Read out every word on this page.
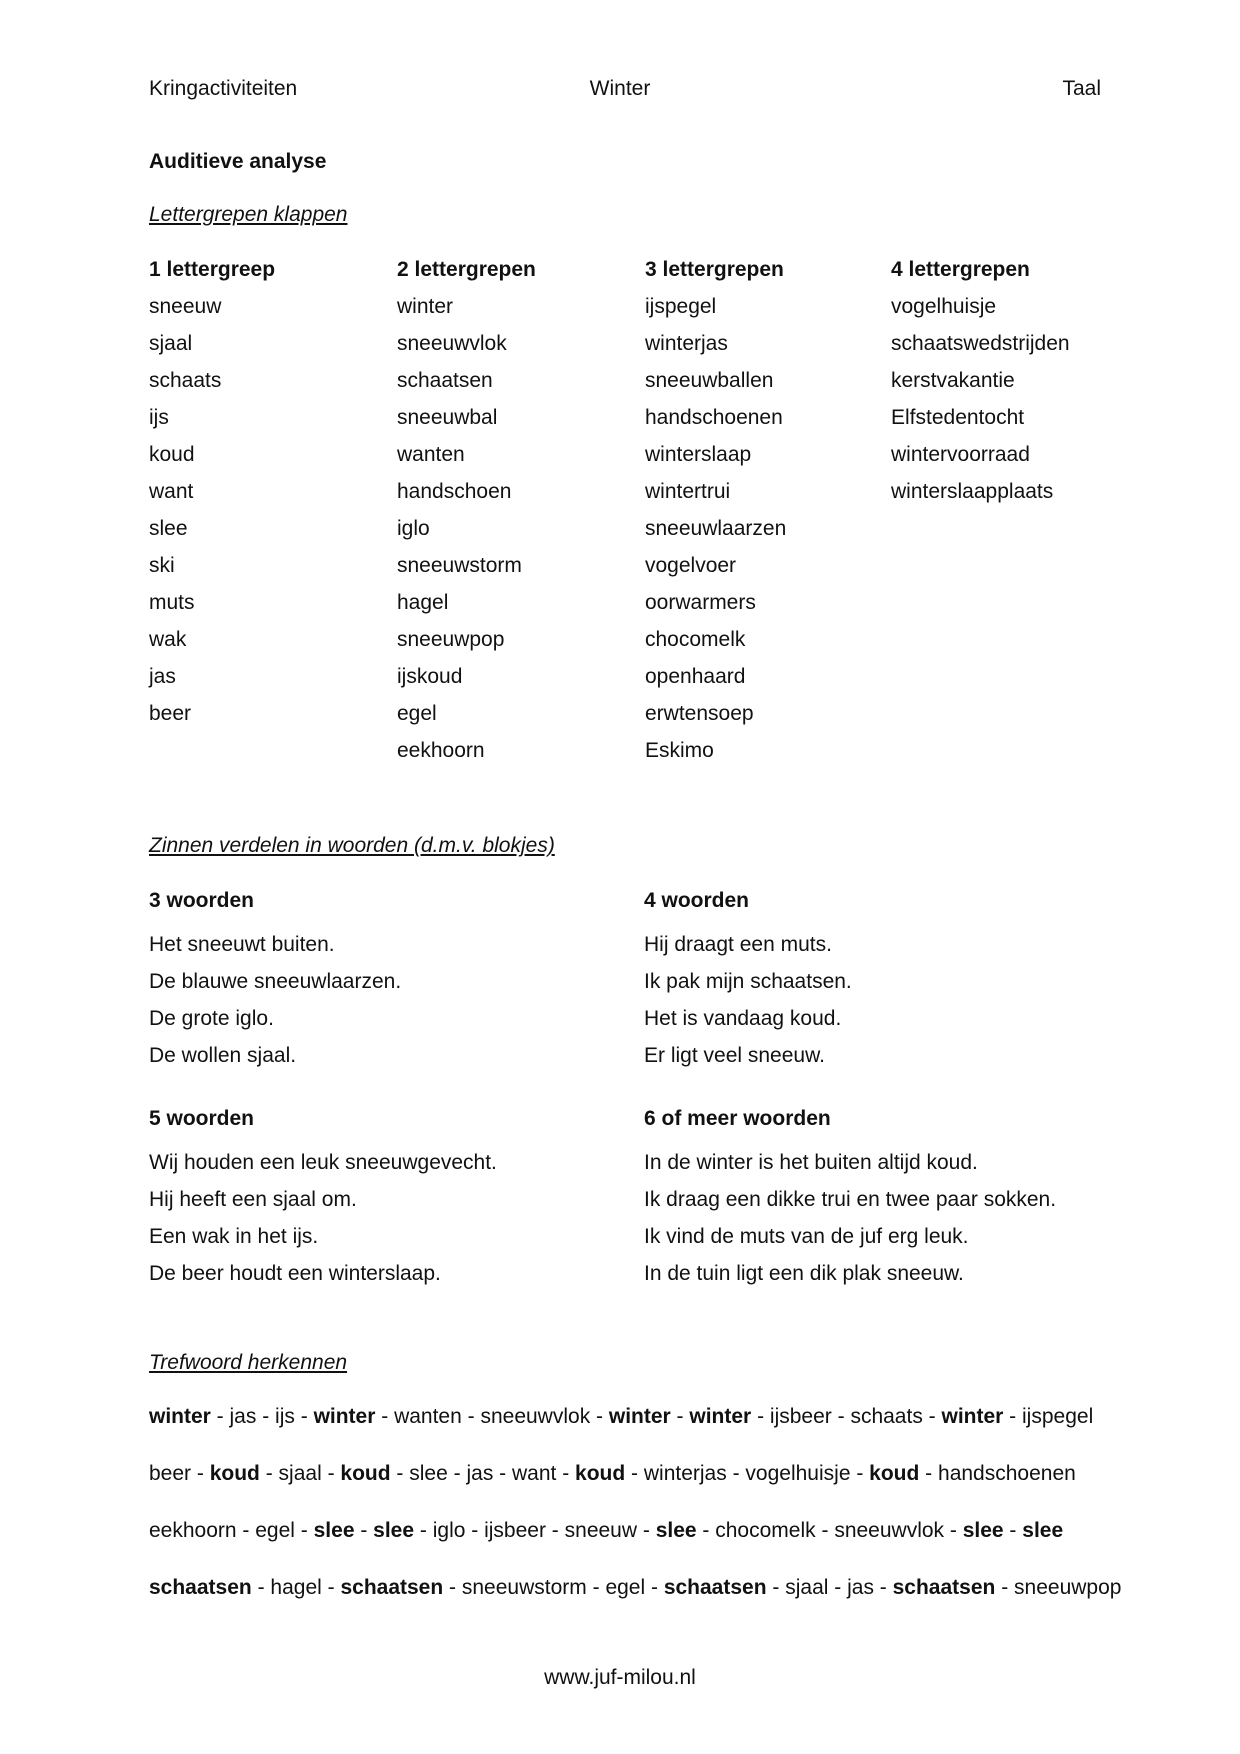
Kringactiviteiten	Winter	Taal
Auditieve analyse
Lettergrepen klappen
1 lettergreep
sneeuw
sjaal
schaats
ijs
koud
want
slee
ski
muts
wak
jas
beer
2 lettergrepen
winter
sneeuwvlok
schaatsen
sneeuwbal
wanten
handschoen
iglo
sneeuwstorm
hagel
sneeuwpop
ijskoud
egel
eekhoorn
3 lettergrepen
ijspegel
winterjas
sneeuwballen
handschoenen
winterslaap
wintertrui
sneeuwlaarzen
vogelvoer
oorwarmers
chocomelk
openhaard
erwtensoep
Eskimo
4 lettergrepen
vogelhuisje
schaatswedstrijden
kerstvakantie
Elfstedentocht
wintervoorraad
winterslaapplaats
Zinnen verdelen in woorden (d.m.v. blokjes)
3 woorden
Het sneeuwt buiten.
De blauwe sneeuwlaarzen.
De grote iglo.
De wollen sjaal.
4 woorden
Hij draagt een muts.
Ik pak mijn schaatsen.
Het is vandaag koud.
Er ligt veel sneeuw.
5 woorden
Wij houden een leuk sneeuwgevecht.
Hij heeft een sjaal om.
Een wak in het ijs.
De beer houdt een winterslaap.
6 of meer woorden
In de winter is het buiten altijd koud.
Ik draag een dikke trui en twee paar sokken.
Ik vind de muts van de juf erg leuk.
In de tuin ligt een dik plak sneeuw.
Trefwoord herkennen
winter - jas - ijs - winter - wanten - sneeuwvlok - winter - winter - ijsbeer - schaats - winter - ijspegel
beer - koud - sjaal - koud - slee - jas - want - koud - winterjas - vogelhuisje - koud - handschoenen
eekhoorn - egel - slee - slee - iglo - ijsbeer - sneeuw - slee - chocomelk - sneeuwvlok - slee - slee
schaatsen - hagel - schaatsen - sneeuwstorm - egel - schaatsen - sjaal - jas - schaatsen - sneeuwpop
www.juf-milou.nl
